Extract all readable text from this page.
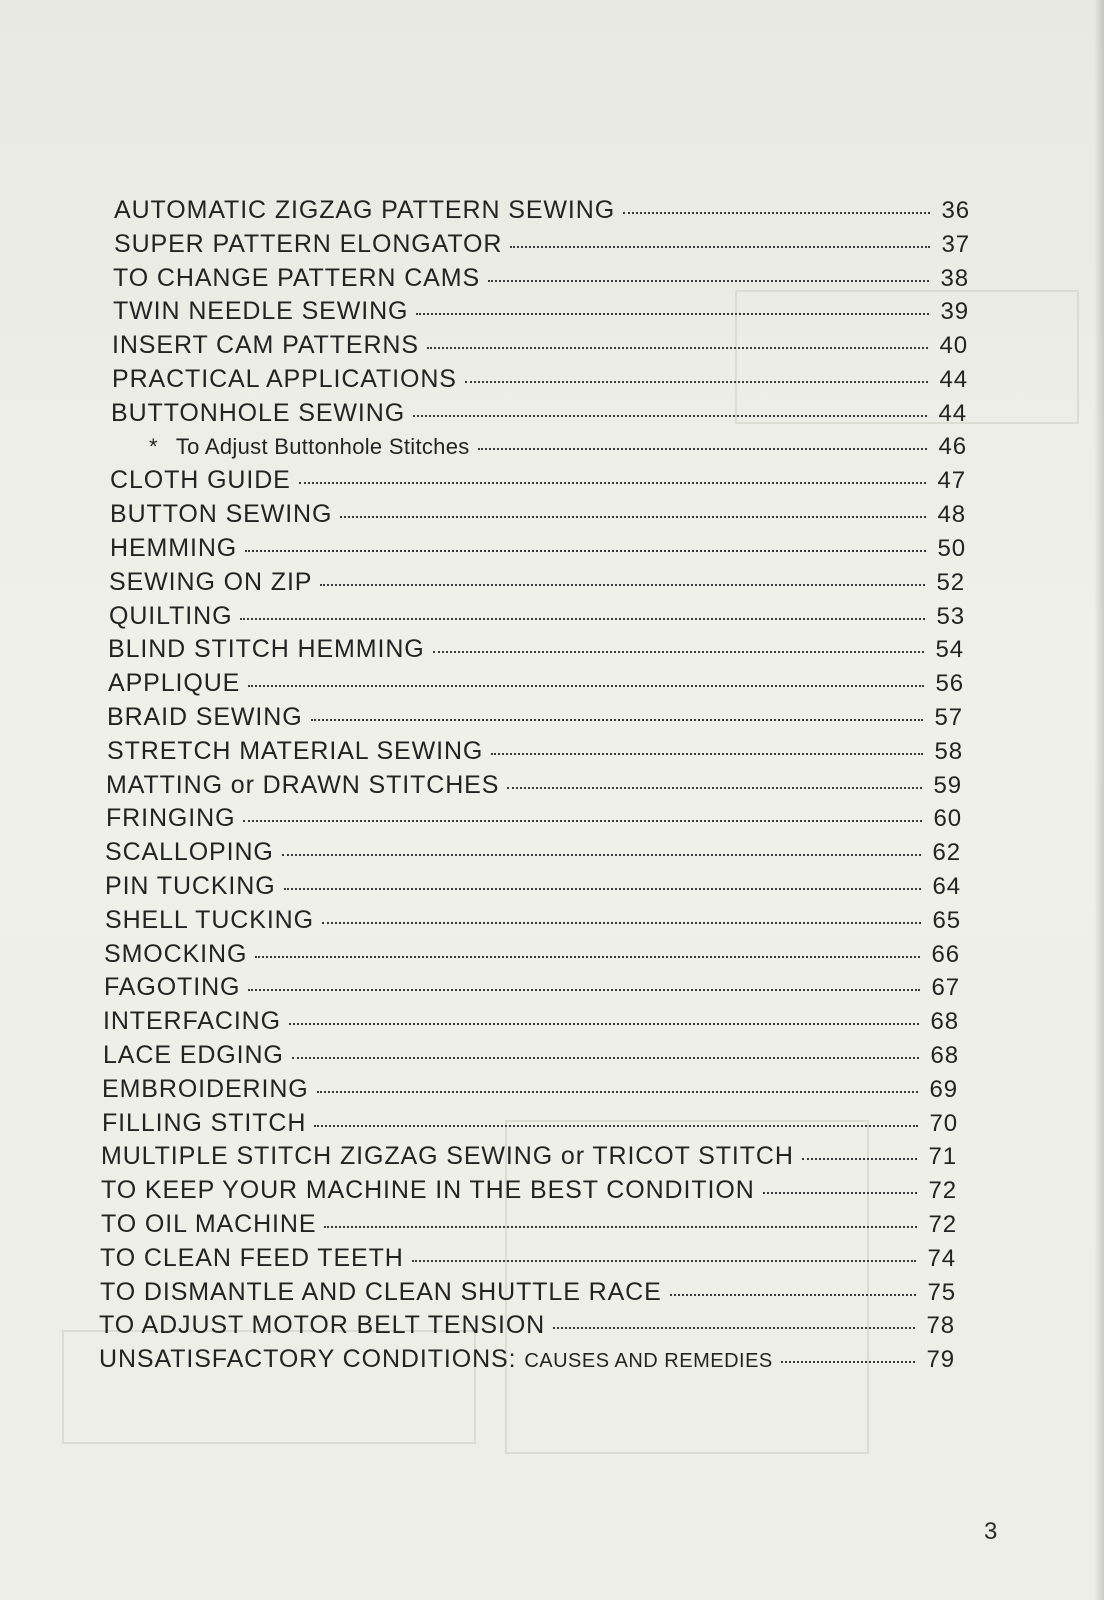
AUTOMATIC ZIGZAG PATTERN SEWING	36
SUPER PATTERN ELONGATOR	37
TO CHANGE PATTERN CAMS	38
TWIN NEEDLE SEWING	39
INSERT CAM PATTERNS	40
PRACTICAL APPLICATIONS	44
BUTTONHOLE SEWING	44
* To Adjust Buttonhole Stitches	46
CLOTH GUIDE	47
BUTTON SEWING	48
HEMMING	50
SEWING ON ZIP	52
QUILTING	53
BLIND STITCH HEMMING	54
APPLIQUE	56
BRAID SEWING	57
STRETCH MATERIAL SEWING	58
MATTING or DRAWN STITCHES	59
FRINGING	60
SCALLOPING	62
PIN TUCKING	64
SHELL TUCKING	65
SMOCKING	66
FAGOTING	67
INTERFACING	68
LACE EDGING	68
EMBROIDERING	69
FILLING STITCH	70
MULTIPLE STITCH ZIGZAG SEWING or TRICOT STITCH	71
TO KEEP YOUR MACHINE IN THE BEST CONDITION	72
TO OIL MACHINE	72
TO CLEAN FEED TEETH	74
TO DISMANTLE AND CLEAN SHUTTLE RACE	75
TO ADJUST MOTOR BELT TENSION	78
UNSATISFACTORY CONDITIONS: CAUSES AND REMEDIES	79
3
